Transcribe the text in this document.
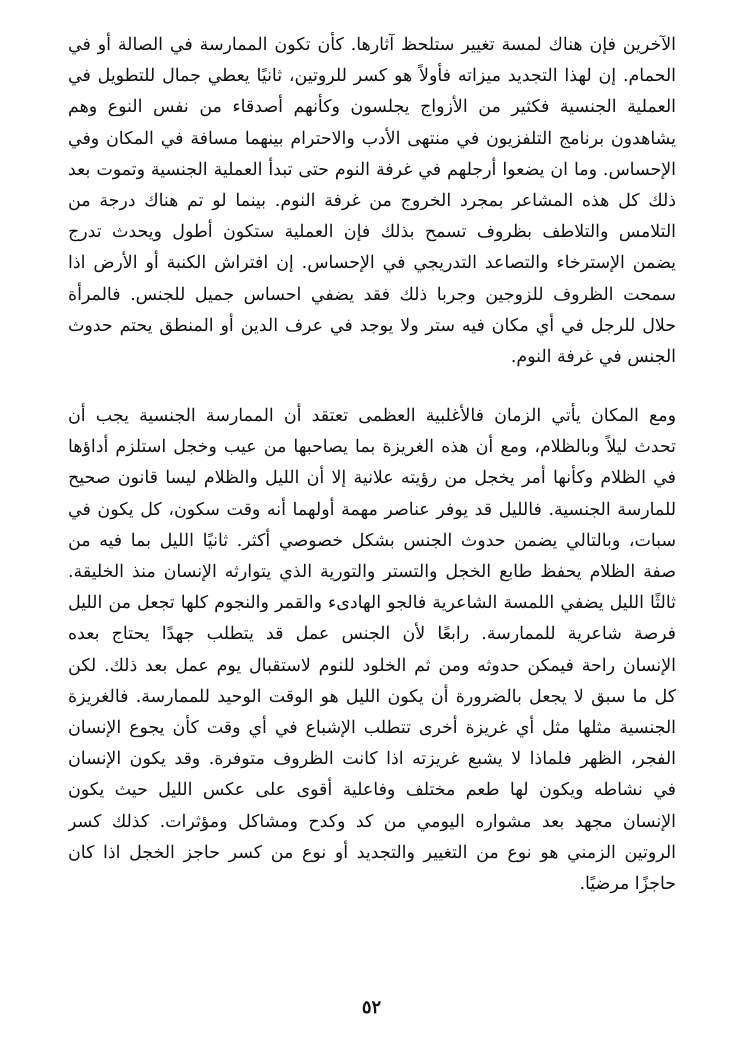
الآخرين فإن هناك لمسة تغيير ستلحظ آثارها. كأن تكون الممارسة في الصالة أو في
الحمام. إن لهذا التجديد ميزاته فأولاً هو كسر للروتين، ثانيًا يعطي جمال للتطويل في
العملية الجنسية فكثير من الأزواج يجلسون وكأنهم أصدقاء من نفس النوع وهم
يشاهدون برنامج التلفزيون في منتهى الأدب والاحترام بينهما مسافة في المكان وفي
الإحساس. وما ان يضعوا أرجلهم في غرفة النوم حتى تبدأ العملية الجنسية وتموت بعد
ذلك كل هذه المشاعر بمجرد الخروج من غرفة النوم. بينما لو تم هناك درجة من
التلامس والتلاطف بظروف تسمح بذلك فإن العملية ستكون أطول ويحدث تدرج
يضمن الإسترخاء والتصاعد التدريجي في الإحساس. إن افتراش الكنبة أو الأرض اذا
سمحت الظروف للزوجين وجربا ذلك فقد يضفي احساس جميل للجنس. فالمرأة
حلال للرجل في أي مكان فيه ستر ولا يوجد في عرف الدين أو المنطق يحتم حدوث
الجنس في غرفة النوم.
ومع المكان يأتي الزمان فالأغلبية العظمى تعتقد أن الممارسة الجنسية يجب أن
تحدث ليلاً وبالظلام، ومع أن هذه الغريزة بما يصاحبها من عيب وخجل استلزم أداؤها
في الظلام وكأنها أمر يخجل من رؤيته علانية إلا أن الليل والظلام ليسا قانون صحيح
للمارسة الجنسية. فالليل قد يوفر عناصر مهمة أولهما أنه وقت سكون، كل يكون في
سبات، وبالتالي يضمن حدوث الجنس بشكل خصوصي أكثر. ثانيًا الليل بما فيه من
صفة الظلام يحفظ طابع الخجل والتستر والتورية الذي يتوارثه الإنسان منذ الخليقة.
ثالثًا الليل يضفي اللمسة الشاعرية فالجو الهادىء والقمر والنجوم كلها تجعل من الليل
فرصة شاعرية للممارسة. رابعًا لأن الجنس عمل قد يتطلب جهدًا يحتاج بعده
الإنسان راحة فيمكن حدوثه ومن ثم الخلود للنوم لاستقبال يوم عمل بعد ذلك. لكن
كل ما سبق لا يجعل بالضرورة أن يكون الليل هو الوقت الوحيد للممارسة. فالغريزة
الجنسية مثلها مثل أي غريزة أخرى تتطلب الإشباع في أي وقت كأن يجوع الإنسان
الفجر، الظهر فلماذا لا يشبع غريزته اذا كانت الظروف متوفرة. وقد يكون الإنسان
في نشاطه ويكون لها طعم مختلف وفاعلية أقوى على عكس الليل حيث يكون
الإنسان مجهد بعد مشواره اليومي من كد وكدح ومشاكل ومؤثرات. كذلك كسر
الروتين الزمني هو نوع من التغيير والتجديد أو نوع من كسر حاجز الخجل اذا كان
حاجزًا مرضيًا.
٥٢
